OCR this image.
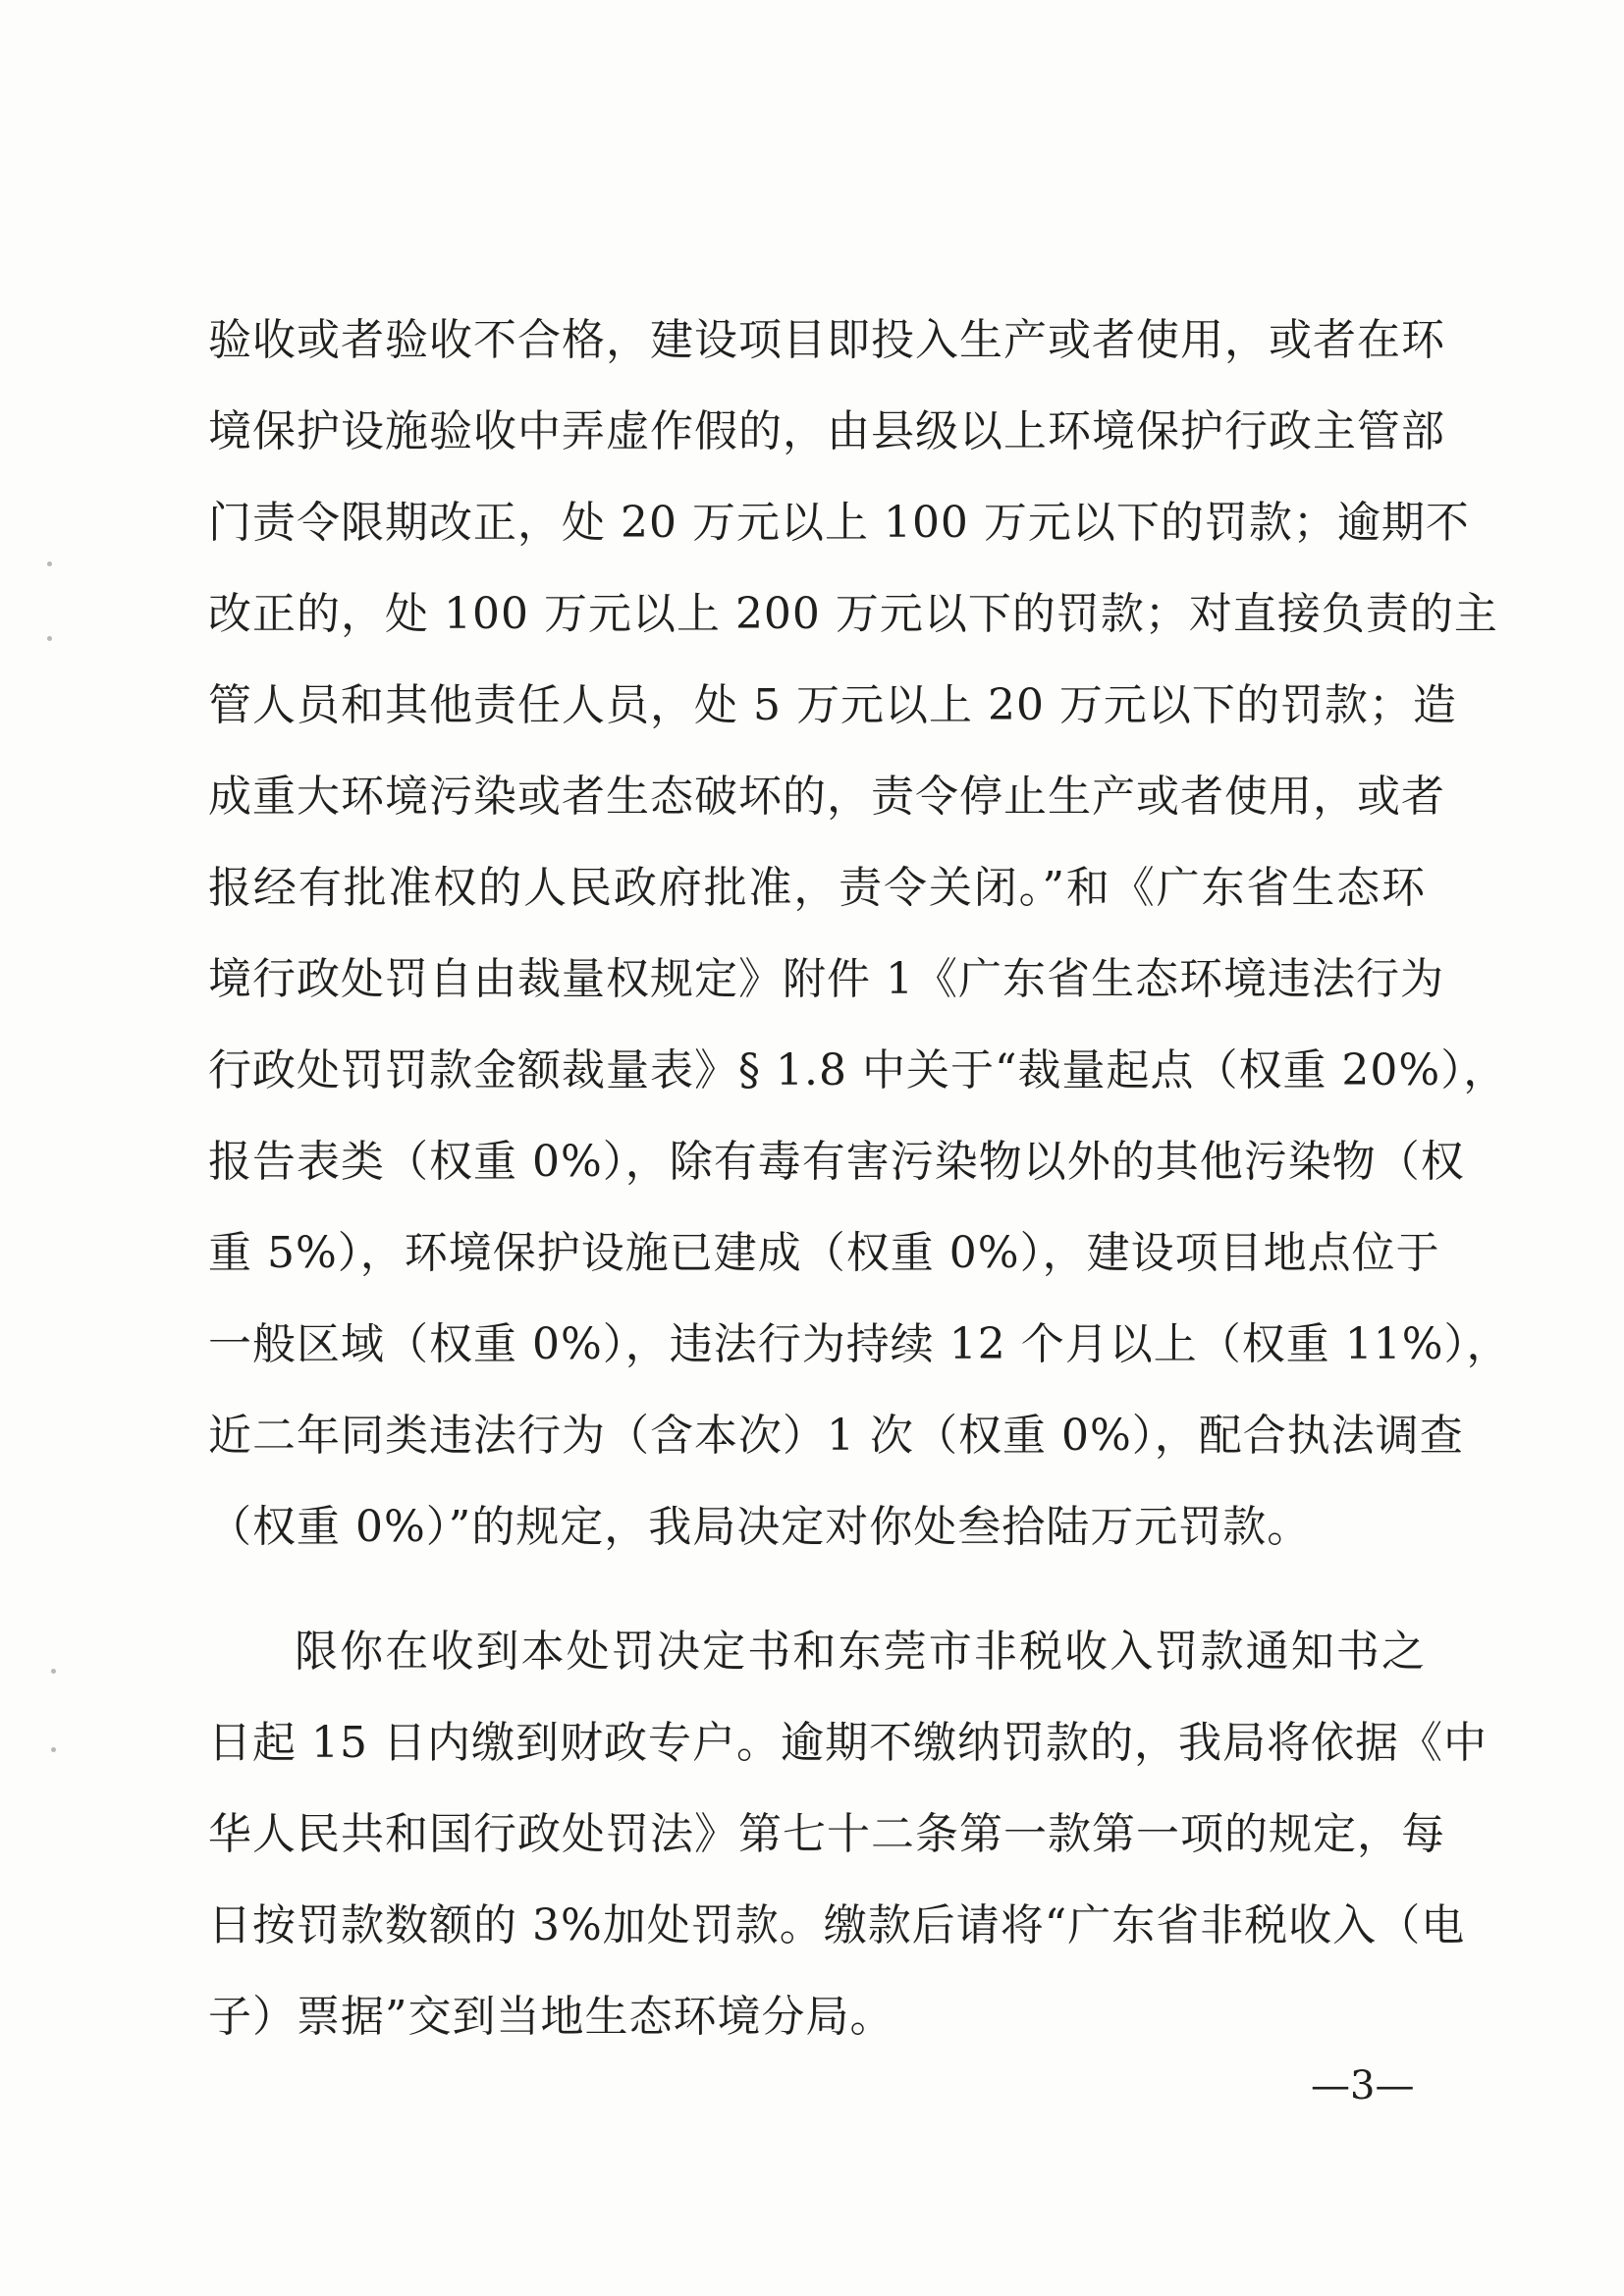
验收或者验收不合格，建设项目即投入生产或者使用，或者在环
境保护设施验收中弄虚作假的，由县级以上环境保护行政主管部
门责令限期改正，处 20 万元以上 100 万元以下的罚款；逾期不
改正的，处 100 万元以上 200 万元以下的罚款；对直接负责的主
管人员和其他责任人员，处 5 万元以上 20 万元以下的罚款；造
成重大环境污染或者生态破坏的，责令停止生产或者使用，或者
报经有批准权的人民政府批准，责令关闭。”和《广东省生态环
境行政处罚自由裁量权规定》附件 1《广东省生态环境违法行为
行政处罚罚款金额裁量表》§ 1.8 中关于“裁量起点（权重 20%），
报告表类（权重 0%），除有毒有害污染物以外的其他污染物（权
重 5%），环境保护设施已建成（权重 0%），建设项目地点位于
一般区域（权重 0%），违法行为持续 12 个月以上（权重 11%），
近二年同类违法行为（含本次）1 次（权重 0%），配合执法调查
（权重 0%）”的规定，我局决定对你处叁拾陆万元罚款。
限你在收到本处罚决定书和东莞市非税收入罚款通知书之
日起 15 日内缴到财政专户。逾期不缴纳罚款的，我局将依据《中
华人民共和国行政处罚法》第七十二条第一款第一项的规定，每
日按罚款数额的 3%加处罚款。缴款后请将“广东省非税收入（电
子）票据”交到当地生态环境分局。
—3—
